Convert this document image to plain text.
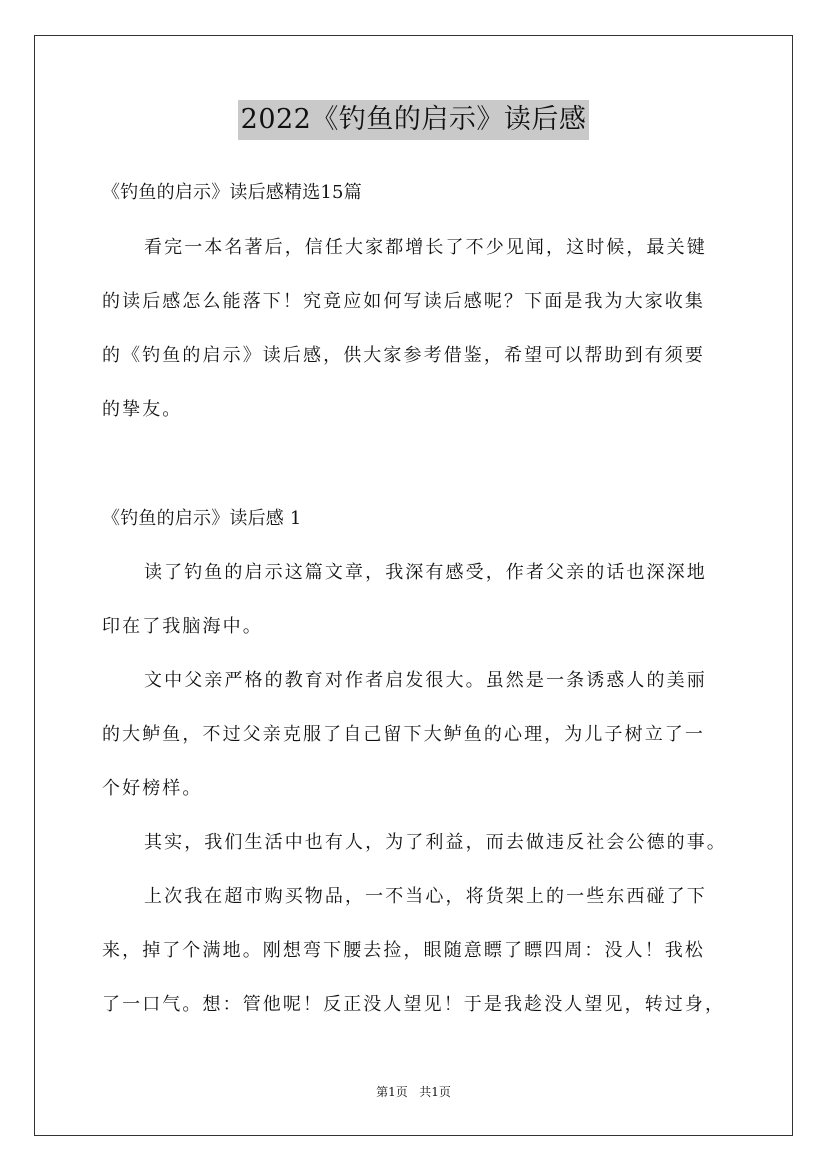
2022《钓鱼的启示》读后感
《钓鱼的启示》读后感精选15篇
看完一本名著后，信任大家都增长了不少见闻，这时候，最关键
的读后感怎么能落下！究竟应如何写读后感呢？下面是我为大家收集
的《钓鱼的启示》读后感，供大家参考借鉴，希望可以帮助到有须要
的挚友。
《钓鱼的启示》读后感 1
读了钓鱼的启示这篇文章，我深有感受，作者父亲的话也深深地
印在了我脑海中。
文中父亲严格的教育对作者启发很大。虽然是一条诱惑人的美丽
的大鲈鱼，不过父亲克服了自己留下大鲈鱼的心理，为儿子树立了一
个好榜样。
其实，我们生活中也有人，为了利益，而去做违反社会公德的事。
上次我在超市购买物品，一不当心，将货架上的一些东西碰了下
来，掉了个满地。刚想弯下腰去捡，眼随意瞟了瞟四周：没人！我松
了一口气。想：管他呢！反正没人望见！于是我趁没人望见，转过身，
第1页 共1页
